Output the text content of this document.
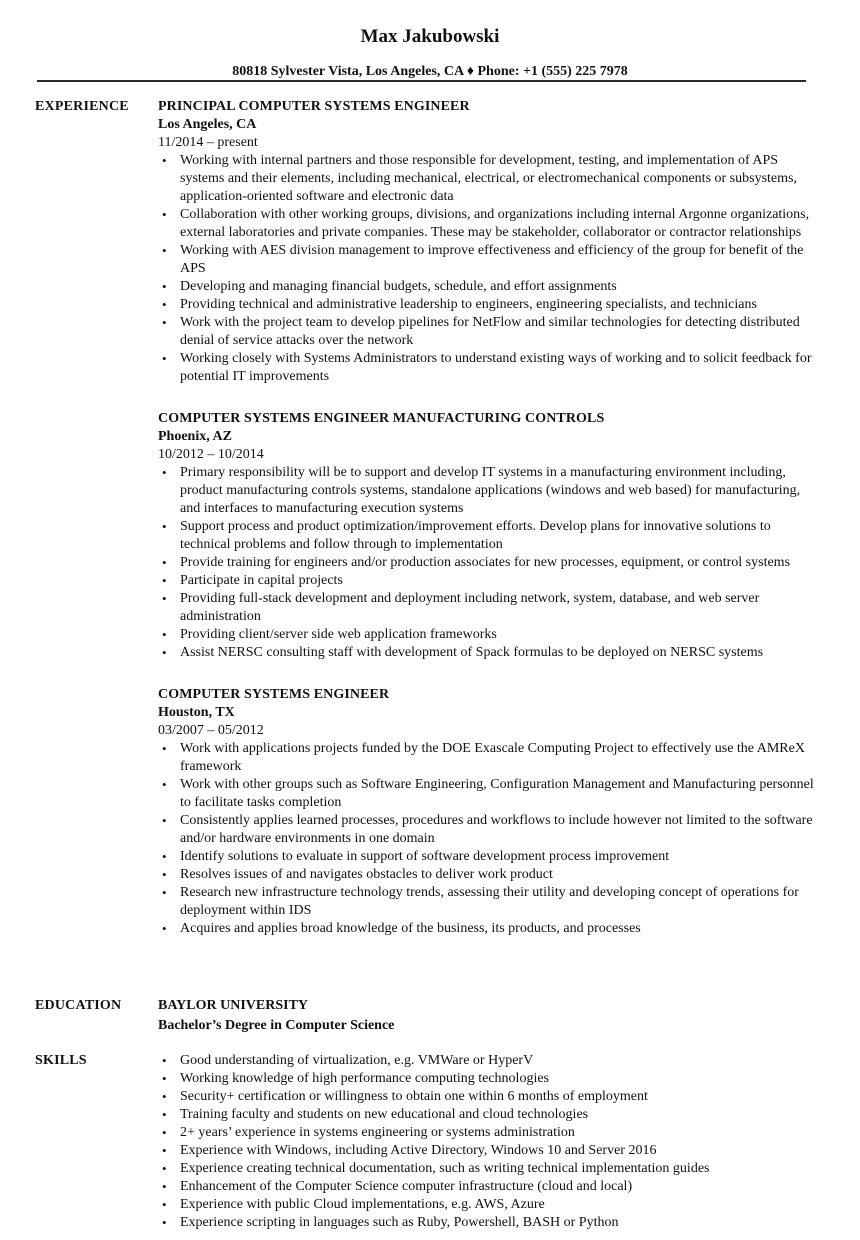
Max Jakubowski
80818 Sylvester Vista, Los Angeles, CA ♦ Phone: +1 (555) 225 7978
EXPERIENCE PRINCIPAL COMPUTER SYSTEMS ENGINEER
Los Angeles, CA
11/2014 – present
• Working with internal partners and those responsible for development, testing, and implementation of APS systems and their elements, including mechanical, electrical, or electromechanical components or subsystems, application-oriented software and electronic data
• Collaboration with other working groups, divisions, and organizations including internal Argonne organizations, external laboratories and private companies. These may be stakeholder, collaborator or contractor relationships
• Working with AES division management to improve effectiveness and efficiency of the group for benefit of the APS
• Developing and managing financial budgets, schedule, and effort assignments
• Providing technical and administrative leadership to engineers, engineering specialists, and technicians
• Work with the project team to develop pipelines for NetFlow and similar technologies for detecting distributed denial of service attacks over the network
• Working closely with Systems Administrators to understand existing ways of working and to solicit feedback for potential IT improvements
COMPUTER SYSTEMS ENGINEER MANUFACTURING CONTROLS
Phoenix, AZ
10/2012 – 10/2014
• Primary responsibility will be to support and develop IT systems in a manufacturing environment including, product manufacturing controls systems, standalone applications (windows and web based) for manufacturing, and interfaces to manufacturing execution systems
• Support process and product optimization/improvement efforts. Develop plans for innovative solutions to technical problems and follow through to implementation
• Provide training for engineers and/or production associates for new processes, equipment, or control systems
• Participate in capital projects
• Providing full-stack development and deployment including network, system, database, and web server administration
• Providing client/server side web application frameworks
• Assist NERSC consulting staff with development of Spack formulas to be deployed on NERSC systems
COMPUTER SYSTEMS ENGINEER
Houston, TX
03/2007 – 05/2012
• Work with applications projects funded by the DOE Exascale Computing Project to effectively use the AMReX framework
• Work with other groups such as Software Engineering, Configuration Management and Manufacturing personnel to facilitate tasks completion
• Consistently applies learned processes, procedures and workflows to include however not limited to the software and/or hardware environments in one domain
• Identify solutions to evaluate in support of software development process improvement
• Resolves issues of and navigates obstacles to deliver work product
• Research new infrastructure technology trends, assessing their utility and developing concept of operations for deployment within IDS
• Acquires and applies broad knowledge of the business, its products, and processes
EDUCATION	BAYLOR UNIVERSITY
Bachelor’s Degree in Computer Science
SKILLS	• Good understanding of virtualization, e.g. VMWare or HyperV
• Working knowledge of high performance computing technologies
• Security+ certification or willingness to obtain one within 6 months of employment
• Training faculty and students on new educational and cloud technologies
• 2+ years’ experience in systems engineering or systems administration
• Experience with Windows, including Active Directory, Windows 10 and Server 2016
• Experience creating technical documentation, such as writing technical implementation guides
• Enhancement of the Computer Science computer infrastructure (cloud and local)
• Experience with public Cloud implementations, e.g. AWS, Azure
• Experience scripting in languages such as Ruby, Powershell, BASH or Python
